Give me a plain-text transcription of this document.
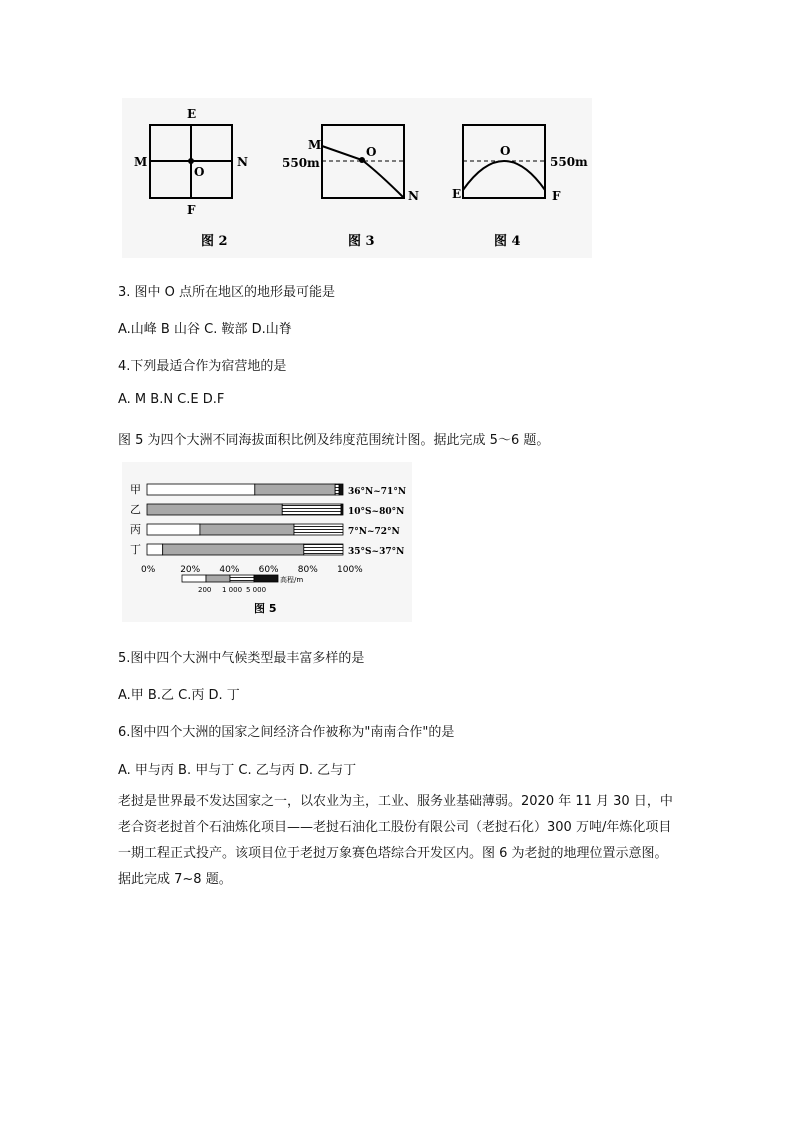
E
M	N
F
O
图 2
M
N
O
550m
图 3
E	F
O
550m
图 4
3. 图中 O 点所在地区的地形最可能是
A.山峰 B 山谷 C. 鞍部 D.山脊
4.下列最适合作为宿营地的是
A. M B.N C.E D.F
图 5 为四个大洲不同海拔面积比例及纬度范围统计图。据此完成 5～6 题。
甲	36°N~71°N
乙	10°S~80°N
丙	7°N~72°N
丁	35°S~37°N
0%	20% 40% 60% 80% 100%
高程/m
200 1 000 5 000
图 5
5.图中四个大洲中气候类型最丰富多样的是
A.甲 B.乙 C.丙 D. 丁
6.图中四个大洲的国家之间经济合作被称为"南南合作"的是
A. 甲与丙 B. 甲与丁 C. 乙与丙 D. 乙与丁
老挝是世界最不发达国家之一，以农业为主，工业、服务业基础薄弱。2020 年 11 月 30 日，中老合资老挝首个石油炼化项目——老挝石油化工股份有限公司（老挝石化）300 万吨/年炼化项目一期工程正式投产。该项目位于老挝万象赛色塔综合开发区内。图 6 为老挝的地理位置示意图。据此完成 7~8 题。
